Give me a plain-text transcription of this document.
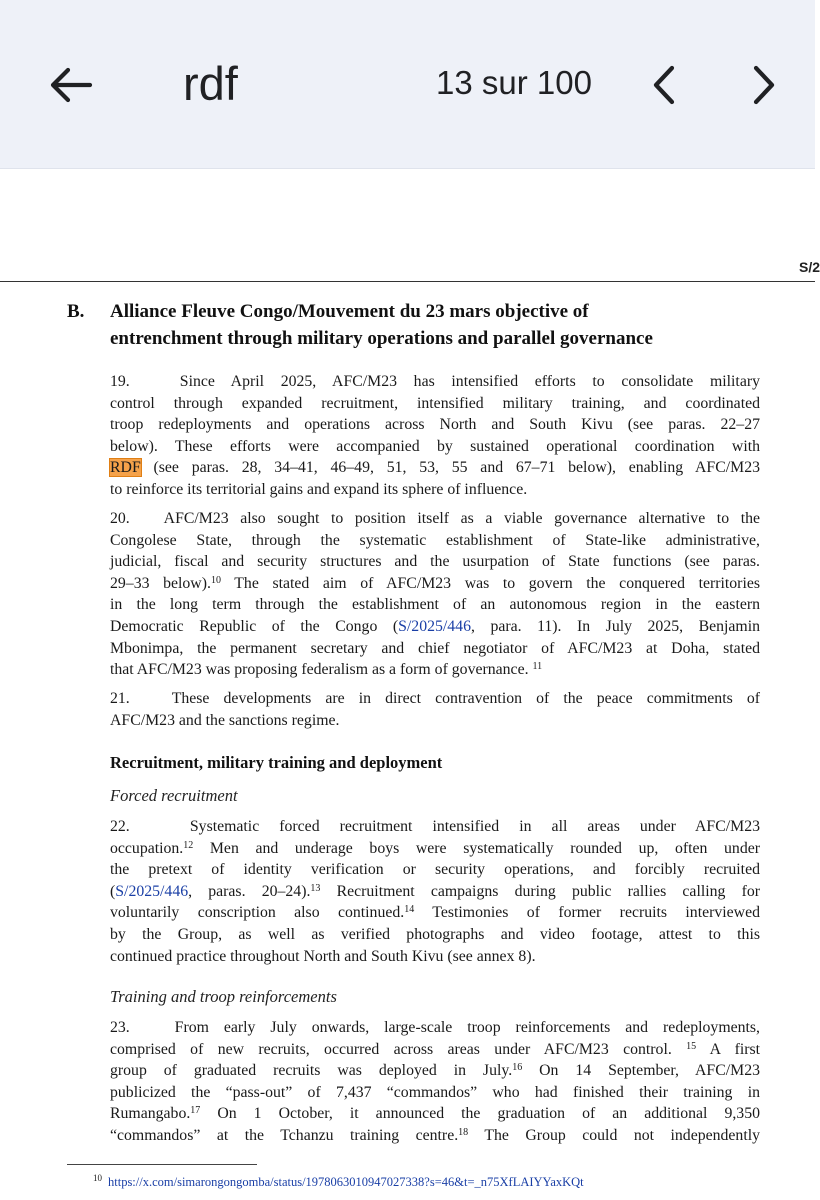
rdf	13 sur 100
S/2
B. Alliance Fleuve Congo/Mouvement du 23 mars objective of
entrenchment through military operations and parallel governance
19.   Since April 2025, AFC/M23 has intensified efforts to consolidate military
control through expanded recruitment, intensified military training, and coordinated
troop redeployments and operations across North and South Kivu (see paras. 22–27
below). These efforts were accompanied by sustained operational coordination with
RDF (see paras. 28, 34–41, 46–49, 51, 53, 55 and 67–71 below), enabling AFC/M23
to reinforce its territorial gains and expand its sphere of influence.
20.   AFC/M23 also sought to position itself as a viable governance alternative to the
Congolese State, through the systematic establishment of State-like administrative,
judicial, fiscal and security structures and the usurpation of State functions (see paras.
29–33 below).$^{10}$ The stated aim of AFC/M23 was to govern the conquered territories
in the long term through the establishment of an autonomous region in the eastern
Democratic Republic of the Congo (S/2025/446, para. 11). In July 2025, Benjamin
Mbonimpa, the permanent secretary and chief negotiator of AFC/M23 at Doha, stated
that AFC/M23 was proposing federalism as a form of governance. $^{11}$
21.   These developments are in direct contravention of the peace commitments of
AFC/M23 and the sanctions regime.
Recruitment, military training and deployment
Forced recruitment
22.   Systematic forced recruitment intensified in all areas under AFC/M23
occupation.$^{12}$ Men and underage boys were systematically rounded up, often under
the pretext of identity verification or security operations, and forcibly recruited
(S/2025/446, paras. 20–24).$^{13}$ Recruitment campaigns during public rallies calling for
voluntarily conscription also continued.$^{14}$ Testimonies of former recruits interviewed
by the Group, as well as verified photographs and video footage, attest to this
continued practice throughout North and South Kivu (see annex 8).
Training and troop reinforcements
23.   From early July onwards, large-scale troop reinforcements and redeployments,
comprised of new recruits, occurred across areas under AFC/M23 control. $^{15}$ A first
group of graduated recruits was deployed in July.$^{16}$ On 14 September, AFC/M23
publicized the “pass-out” of 7,437 “commandos” who had finished their training in
Rumangabo.$^{17}$ On 1 October, it announced the graduation of an additional 9,350
“commandos” at the Tchanzu training centre.$^{18}$ The Group could not independently
$^{10}$ https://x.com/simarongongomba/status/1978063010947027338?s=46&t=_n75XfLAIYYaxKQt
